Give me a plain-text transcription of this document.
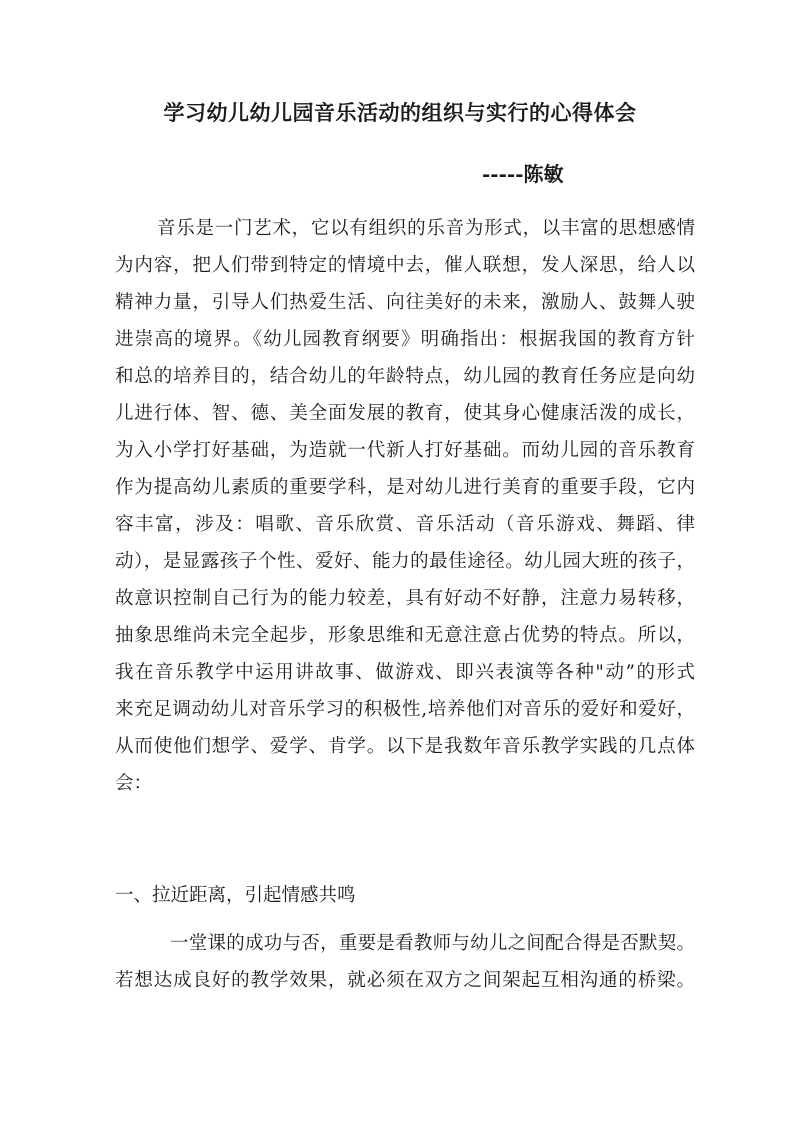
学习幼儿幼儿园音乐活动的组织与实行的心得体会
-----陈敏
音乐是一门艺术，它以有组织的乐音为形式，以丰富的思想感情
为内容，把人们带到特定的情境中去，催人联想，发人深思，给人以
精神力量，引导人们热爱生活、向往美好的未来，激励人、鼓舞人驶
进崇高的境界。《幼儿园教育纲要》明确指出：根据我国的教育方针
和总的培养目的，结合幼儿的年龄特点，幼儿园的教育任务应是向幼
儿进行体、智、德、美全面发展的教育，使其身心健康活泼的成长，
为入小学打好基础，为造就一代新人打好基础。而幼儿园的音乐教育
作为提高幼儿素质的重要学科，是对幼儿进行美育的重要手段，它内
容丰富，涉及：唱歌、音乐欣赏、音乐活动（音乐游戏、舞蹈、律
动），是显露孩子个性、爱好、能力的最佳途径。幼儿园大班的孩子，
故意识控制自己行为的能力较差，具有好动不好静，注意力易转移，
抽象思维尚未完全起步，形象思维和无意注意占优势的特点。所以，
我在音乐教学中运用讲故事、做游戏、即兴表演等各种"动”的形式
来充足调动幼儿对音乐学习的积极性,培养他们对音乐的爱好和爱好，
从而使他们想学、爱学、肯学。以下是我数年音乐教学实践的几点体
会：
一、拉近距离，引起情感共鸣
一堂课的成功与否，重要是看教师与幼儿之间配合得是否默契。
若想达成良好的教学效果，就必须在双方之间架起互相沟通的桥梁。
